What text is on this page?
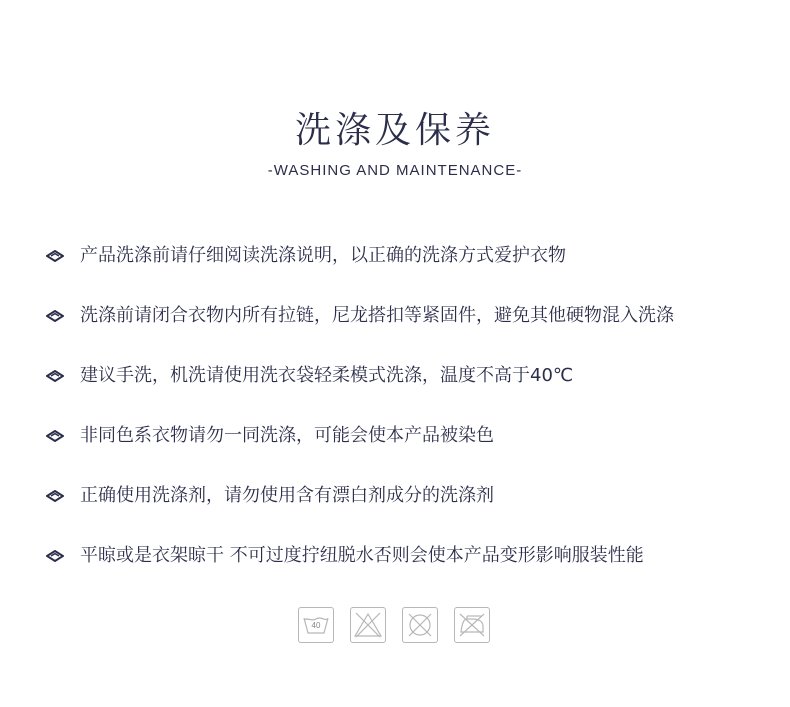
洗涤及保养
-WASHING AND MAINTENANCE-
产品洗涤前请仔细阅读洗涤说明，以正确的洗涤方式爱护衣物
洗涤前请闭合衣物内所有拉链，尼龙搭扣等紧固件，避免其他硬物混入洗涤
建议手洗，机洗请使用洗衣袋轻柔模式洗涤，温度不高于40℃
非同色系衣物请勿一同洗涤，可能会使本产品被染色
正确使用洗涤剂，请勿使用含有漂白剂成分的洗涤剂
平晾或是衣架晾干 不可过度拧纽脱水否则会使本产品变形影响服装性能
40
